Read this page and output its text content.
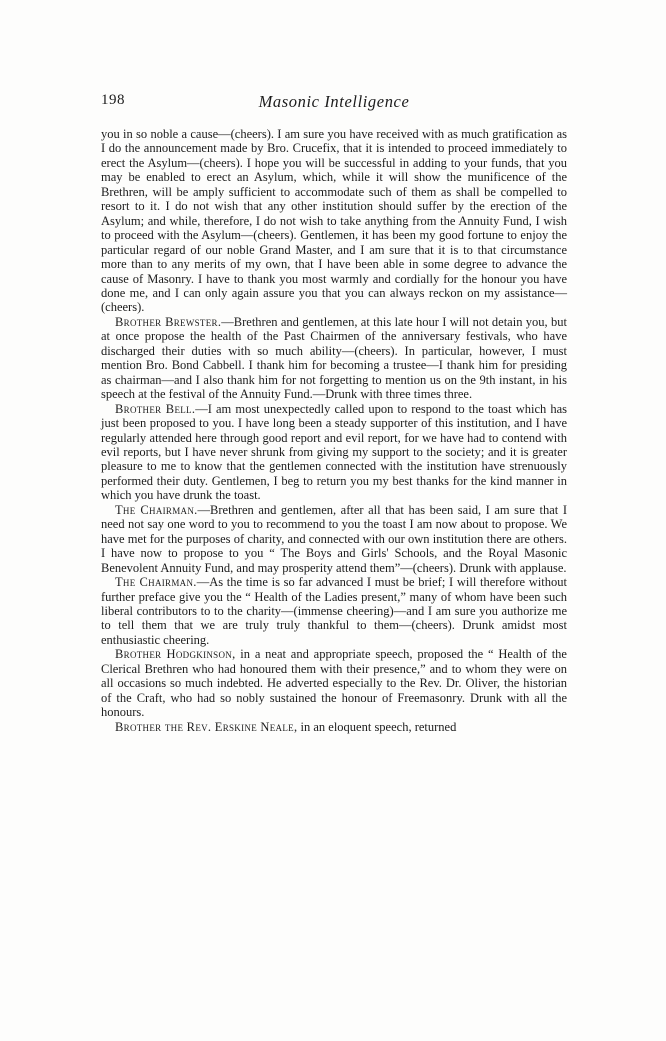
198	Masonic Intelligence

you in so noble a cause—(cheers). I am sure you have received with as much gratification as I do the announcement made by Bro. Crucefix, that it is intended to proceed immediately to erect the Asylum—(cheers). I hope you will be successful in adding to your funds, that you may be enabled to erect an Asylum, which, while it will show the munificence of the Brethren, will be amply sufficient to accommodate such of them as shall be compelled to resort to it. I do not wish that any other institution should suffer by the erection of the Asylum; and while, therefore, I do not wish to take anything from the Annuity Fund, I wish to proceed with the Asylum—(cheers). Gentlemen, it has been my good fortune to enjoy the particular regard of our noble Grand Master, and I am sure that it is to that circumstance more than to any merits of my own, that I have been able in some degree to advance the cause of Masonry. I have to thank you most warmly and cordially for the honour you have done me, and I can only again assure you that you can always reckon on my assistance—(cheers).

Brother Brewster.—Brethren and gentlemen, at this late hour I will not detain you, but at once propose the health of the Past Chairmen of the anniversary festivals, who have discharged their duties with so much ability—(cheers). In particular, however, I must mention Bro. Bond Cabbell. I thank him for becoming a trustee—I thank him for presiding as chairman—and I also thank him for not forgetting to mention us on the 9th instant, in his speech at the festival of the Annuity Fund.—Drunk with three times three.

Brother Bell.—I am most unexpectedly called upon to respond to the toast which has just been proposed to you. I have long been a steady supporter of this institution, and I have regularly attended here through good report and evil report, for we have had to contend with evil reports, but I have never shrunk from giving my support to the society; and it is greater pleasure to me to know that the gentlemen connected with the institution have strenuously performed their duty. Gentlemen, I beg to return you my best thanks for the kind manner in which you have drunk the toast.

The Chairman.—Brethren and gentlemen, after all that has been said, I am sure that I need not say one word to you to recommend to you the toast I am now about to propose. We have met for the purposes of charity, and connected with our own institution there are others. I have now to propose to you “ The Boys and Girls' Schools, and the Royal Masonic Benevolent Annuity Fund, and may prosperity attend them”—(cheers). Drunk with applause.

The Chairman.—As the time is so far advanced I must be brief; I will therefore without further preface give you the “ Health of the Ladies present,” many of whom have been such liberal contributors to to the charity—(immense cheering)—and I am sure you authorize me to tell them that we are truly truly thankful to them—(cheers). Drunk amidst most enthusiastic cheering.

Brother Hodgkinson, in a neat and appropriate speech, proposed the “ Health of the Clerical Brethren who had honoured them with their presence,” and to whom they were on all occasions so much indebted. He adverted especially to the Rev. Dr. Oliver, the historian of the Craft, who had so nobly sustained the honour of Freemasonry. Drunk with all the honours.

Brother the Rev. Erskine Neale, in an eloquent speech, returned
